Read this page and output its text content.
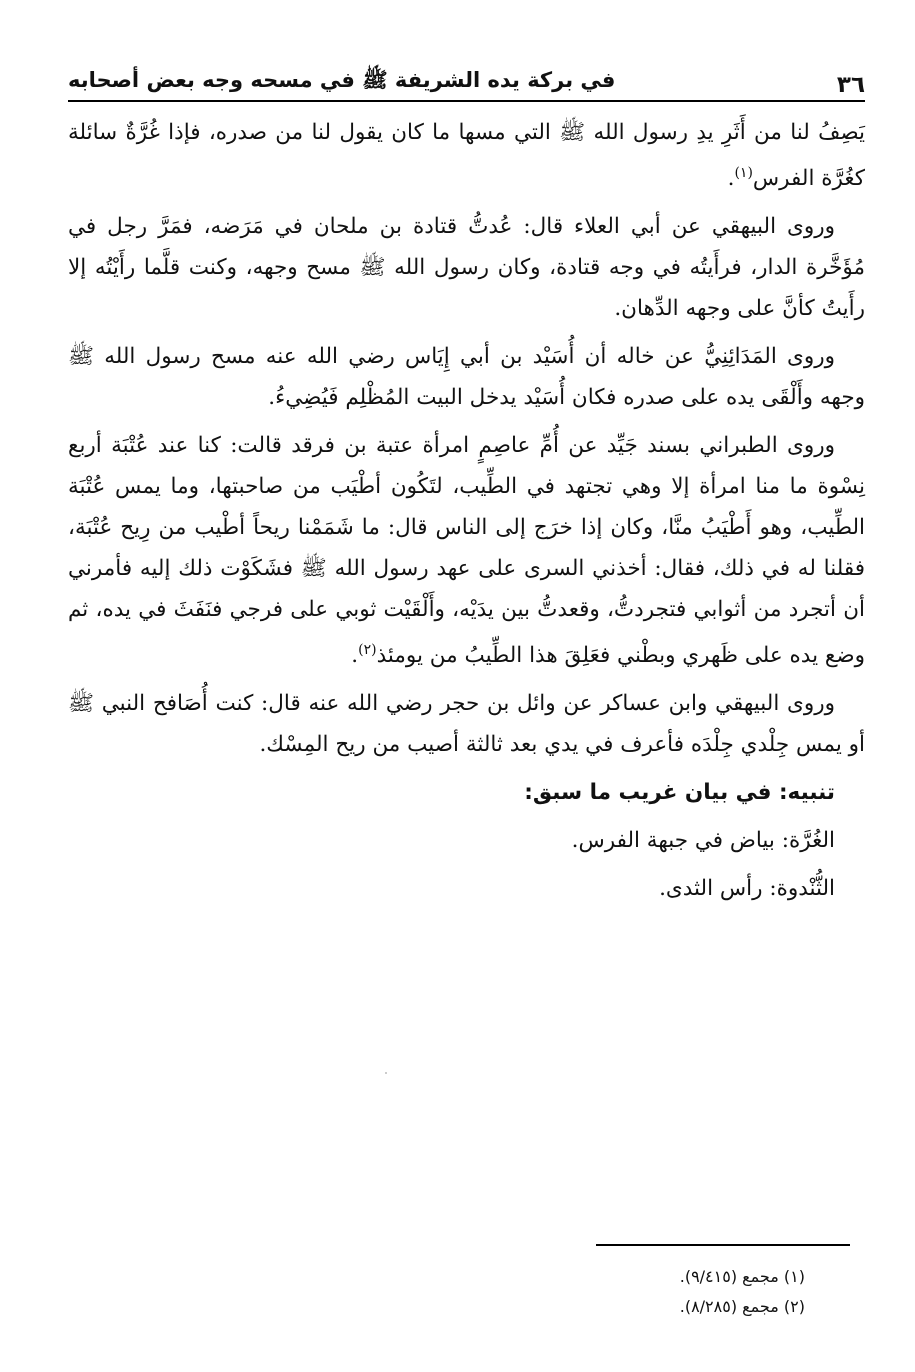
٣٦
في بركة يده الشريفة ﷺ في مسحه وجه بعض أصحابه

يَصِفُ لنا من أَثَرِ يدِ رسول الله ﷺ التي مسها ما كان يقول لنا من صدره، فإذا غُرَّةٌ سائلة كغُرَّة الفرس$^{(١)}$.

وروى البيهقي عن أبي العلاء قال: عُدتُّ قتادة بن ملحان في مَرَضه، فمَرَّ رجل في مُؤَخَّرة الدار، فرأَيتُه في وجه قتادة، وكان رسول الله ﷺ مسح وجهه، وكنت قلَّما رأَيْتُه إلا رأَيتُ كأنَّ على وجهه الدِّهان.

وروى المَدَائِنِيُّ عن خاله أن أُسَيْد بن أبي إِيَاس رضي الله عنه مسح رسول الله ﷺ وجهه وأَلْقَى يده على صدره فكان أُسَيْد يدخل البيت المُظْلِم فَيُضِيءُ.

وروى الطبراني بسند جَيِّد عن أُمِّ عاصِمٍ امرأة عتبة بن فرقد قالت: كنا عند عُتْبَة أربع نِسْوة ما منا امرأة إلا وهي تجتهد في الطِّيب، لتَكُون أطْيَب من صاحبتها، وما يمس عُتْبَة الطِّيب، وهو أَطْيَبُ منَّا، وكان إذا خرَج إلى الناس قال: ما شَمَمْنا ريحاً أطْيب من رِيح عُتْبَة، فقلنا له في ذلك، فقال: أخذني السرى على عهد رسول الله ﷺ فشَكَوْت ذلك إليه فأمرني أن أتجرد من أثوابي فتجردتُّ، وقعدتُّ بين يدَيْه، وأَلْقَيْت ثوبي على فرجي فنَفَثَ في يده، ثم وضع يده على ظَهري وبطْني فعَلِقَ هذا الطِّيبُ من يومئذ$^{(٢)}$.

وروى البيهقي وابن عساكر عن وائل بن حجر رضي الله عنه قال: كنت أُصَافح النبي ﷺ أو يمس جِلْدي جِلْدَه فأعرف في يدي بعد ثالثة أصيب من ريح المِسْك.

تنبيه: في بيان غريب ما سبق:

الغُرَّة: بياض في جبهة الفرس.

الثُّنْدوة: رأس الثدى.

(١) مجمع (٩/٤١٥).
(٢) مجمع (٨/٢٨٥).
